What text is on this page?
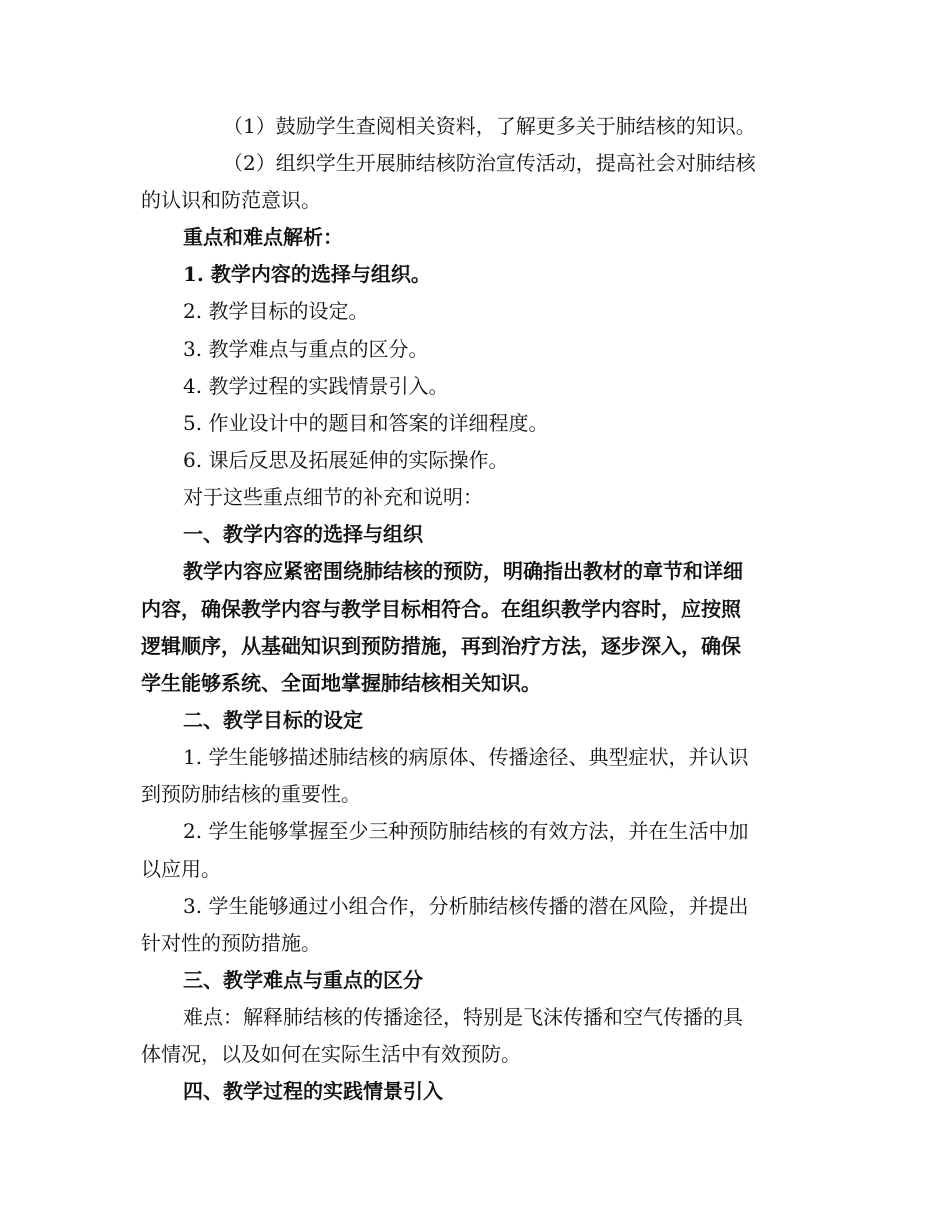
（1）鼓励学生查阅相关资料，了解更多关于肺结核的知识。
（2）组织学生开展肺结核防治宣传活动，提高社会对肺结核
的认识和防范意识。
重点和难点解析：
1. 教学内容的选择与组织。
2. 教学目标的设定。
3. 教学难点与重点的区分。
4. 教学过程的实践情景引入。
5. 作业设计中的题目和答案的详细程度。
6. 课后反思及拓展延伸的实际操作。
对于这些重点细节的补充和说明：
一、教学内容的选择与组织
教学内容应紧密围绕肺结核的预防，明确指出教材的章节和详细
内容，确保教学内容与教学目标相符合。在组织教学内容时，应按照
逻辑顺序，从基础知识到预防措施，再到治疗方法，逐步深入，确保
学生能够系统、全面地掌握肺结核相关知识。
二、教学目标的设定
1. 学生能够描述肺结核的病原体、传播途径、典型症状，并认识
到预防肺结核的重要性。
2. 学生能够掌握至少三种预防肺结核的有效方法，并在生活中加
以应用。
3. 学生能够通过小组合作，分析肺结核传播的潜在风险，并提出
针对性的预防措施。
三、教学难点与重点的区分
难点：解释肺结核的传播途径，特别是飞沫传播和空气传播的具
体情况，以及如何在实际生活中有效预防。
四、教学过程的实践情景引入
